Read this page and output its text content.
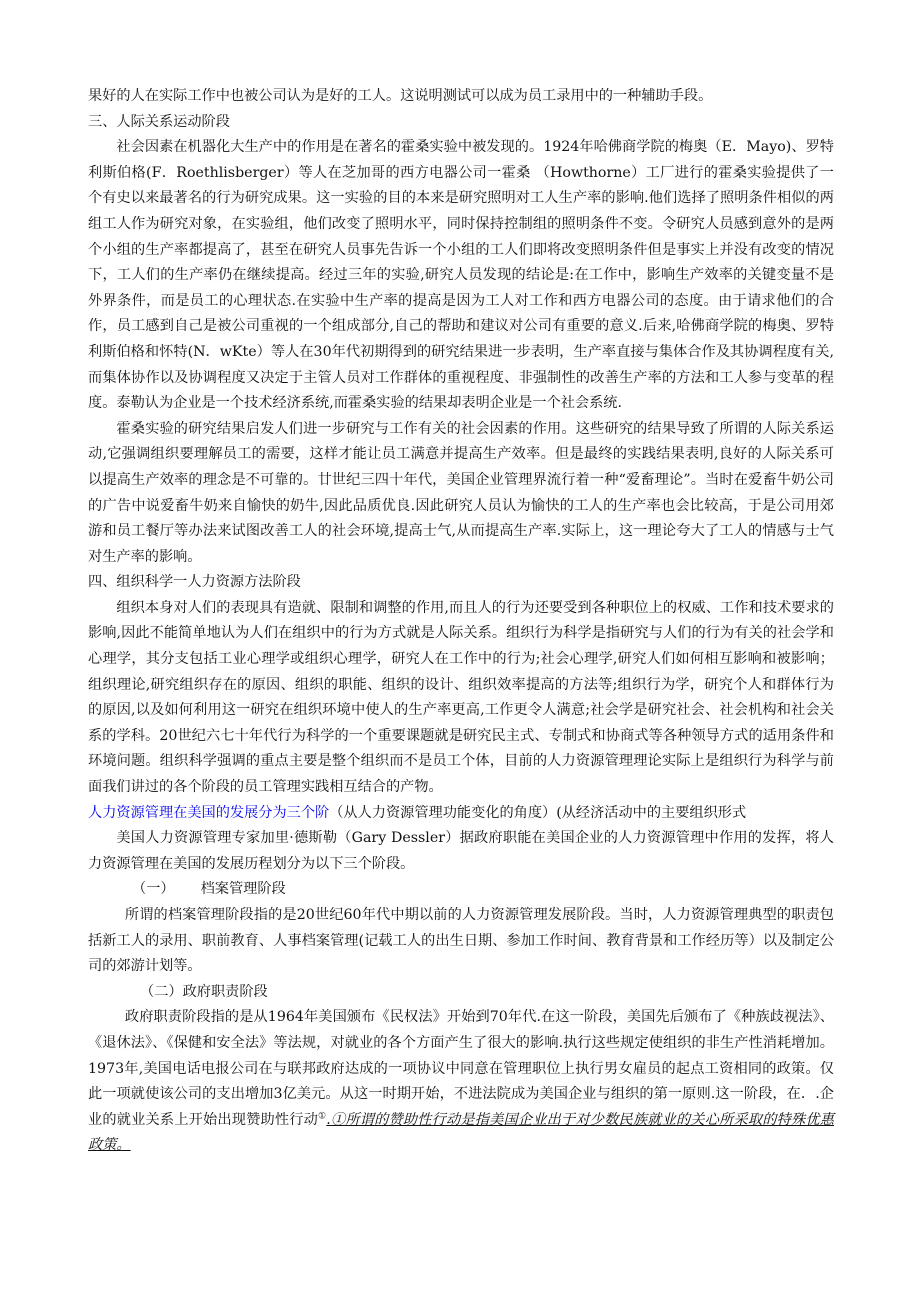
果好的人在实际工作中也被公司认为是好的工人。这说明测试可以成为员工录用中的一种辅助手段。

三、人际关系运动阶段

社会因素在机器化大生产中的作用是在著名的霍桑实验中被发现的。1924年哈佛商学院的梅奥（E．Mayo)、罗特利斯伯格(F．Roethlisberger）等人在芝加哥的西方电器公司一霍桑 （Howthorne）工厂进行的霍桑实验提供了一个有史以来最著名的行为研究成果。这一实验的目的本来是研究照明对工人生产率的影响.他们选择了照明条件相似的两组工人作为研究对象，在实验组，他们改变了照明水平，同时保持控制组的照明条件不变。令研究人员感到意外的是两个小组的生产率都提高了，甚至在研究人员事先告诉一个小组的工人们即将改变照明条件但是事实上并没有改变的情况下，工人们的生产率仍在继续提高。经过三年的实验,研究人员发现的结论是:在工作中，影响生产效率的关键变量不是外界条件，而是员工的心理状态.在实验中生产率的提高是因为工人对工作和西方电器公司的态度。由于请求他们的合作，员工感到自己是被公司重视的一个组成部分,自己的帮助和建议对公司有重要的意义.后来,哈佛商学院的梅奥、罗特利斯伯格和怀特(N．wKte）等人在30年代初期得到的研究结果进一步表明，生产率直接与集体合作及其协调程度有关,而集体协作以及协调程度又决定于主管人员对工作群体的重视程度、非强制性的改善生产率的方法和工人参与变革的程度。泰勒认为企业是一个技术经济系统,而霍桑实验的结果却表明企业是一个社会系统.

霍桑实验的研究结果启发人们进一步研究与工作有关的社会因素的作用。这些研究的结果导致了所谓的人际关系运动,它强调组织要理解员工的需要，这样才能让员工满意并提高生产效率。但是最终的实践结果表明,良好的人际关系可以提高生产效率的理念是不可靠的。廿世纪三四十年代，美国企业管理界流行着一种“爱畜理论”。当时在爱畜牛奶公司的广告中说爱畜牛奶来自愉快的奶牛,因此品质优良.因此研究人员认为愉快的工人的生产率也会比较高，于是公司用郊游和员工餐厅等办法来试图改善工人的社会环境,提高士气,从而提高生产率.实际上，这一理论夸大了工人的情感与士气对生产率的影响。

四、组织科学一人力资源方法阶段

组织本身对人们的表现具有造就、限制和调整的作用,而且人的行为还要受到各种职位上的权威、工作和技术要求的影响,因此不能简单地认为人们在组织中的行为方式就是人际关系。组织行为科学是指研究与人们的行为有关的社会学和心理学，其分支包括工业心理学或组织心理学，研究人在工作中的行为;社会心理学,研究人们如何相互影响和被影响；组织理论,研究组织存在的原因、组织的职能、组织的设计、组织效率提高的方法等;组织行为学，研究个人和群体行为的原因,以及如何利用这一研究在组织环境中使人的生产率更高,工作更令人满意;社会学是研究社会、社会机构和社会关系的学科。20世纪六七十年代行为科学的一个重要课题就是研究民主式、专制式和协商式等各种领导方式的适用条件和环境问题。组织科学强调的重点主要是整个组织而不是员工个体，目前的人力资源管理理论实际上是组织行为科学与前面我们讲过的各个阶段的员工管理实践相互结合的产物。

人力资源管理在美国的发展分为三个阶（从人力资源管理功能变化的角度）(从经济活动中的主要组织形式

美国人力资源管理专家加里·德斯勒（Gary Dessler）据政府职能在美国企业的人力资源管理中作用的发挥，将人力资源管理在美国的发展历程划分为以下三个阶段。

（一） 档案管理阶段

所谓的档案管理阶段指的是20世纪60年代中期以前的人力资源管理发展阶段。当时，人力资源管理典型的职责包括新工人的录用、职前教育、人事档案管理(记载工人的出生日期、参加工作时间、教育背景和工作经历等）以及制定公司的郊游计划等。

（二）政府职责阶段

政府职责阶段指的是从1964年美国颁布《民权法》开始到70年代.在这一阶段，美国先后颁布了《种族歧视法》、《退休法》、《保健和安全法》等法规，对就业的各个方面产生了很大的影响.执行这些规定使组织的非生产性消耗增加。1973年,美国电话电报公司在与联邦政府达成的一项协议中同意在管理职位上执行男女雇员的起点工资相同的政策。仅此一项就使该公司的支出增加3亿美元。从这一时期开始，不进法院成为美国企业与组织的第一原则.这一阶段，在．.企业的就业关系上开始出现赞助性行动①.①所谓的赞助性行动是指美国企业出于对少数民族就业的关心所采取的特殊优惠政策。
